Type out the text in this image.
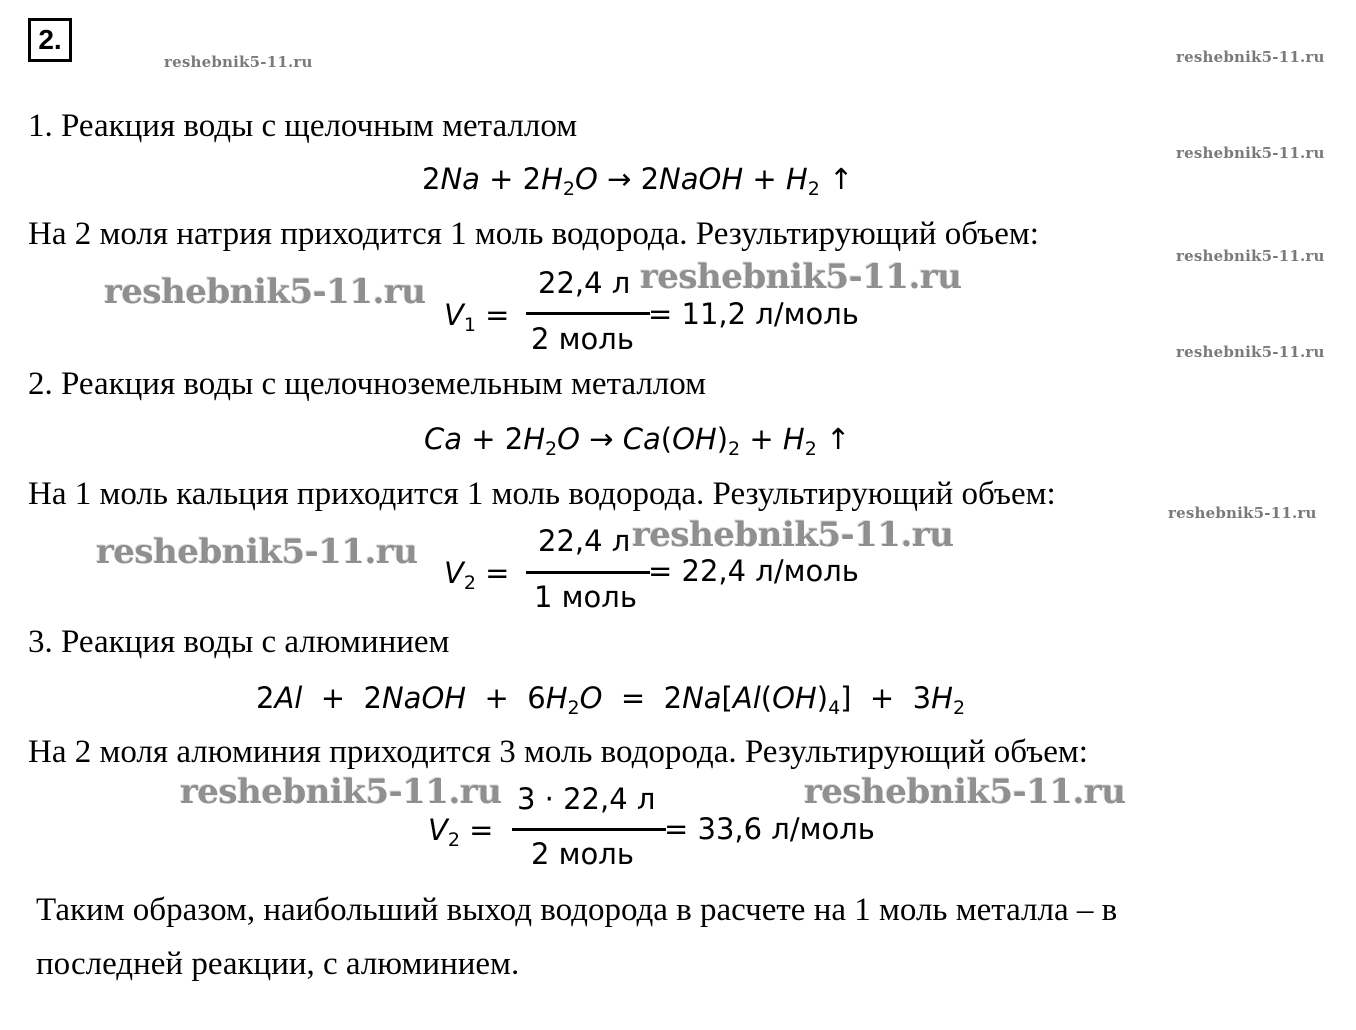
2.
reshebnik5-11.ru	reshebnik5-11.ru
reshebnik5-11.ru
reshebnik5-11.ru
reshebnik5-11.ru
reshebnik5-11.ru
1. Реакция воды с щелочным металлом
$2Na + 2H_2O$ → 2NaOH + $H_2$ ↑
На 2 моля натрия приходится 1 моль водорода. Результирующий объем:
reshebnik5-11.ru
$V_1$ =
22,4 л
2 моль
= 11,2 л/моль
reshebnik5-11.ru
2. Реакция воды с щелочноземельным металлом
$Ca + 2H_2O \to Ca(OH)_2 + H_2$ ↑
На 1 моль кальция приходится 1 моль водорода. Результирующий объем:
reshebnik5-11.ru
$V_2$ =
22,4 л
1 моль
= 22,4 л/моль
reshebnik5-11.ru
3. Реакция воды с алюминием
2Al  +  2NaOH  +  $6H_2O = 2Na[Al(OH)_4] + 3H_2$
На 2 моля алюминия приходится 3 моль водорода. Результирующий объем:
reshebnik5-11.ru	reshebnik5-11.ru
$V_2$ =
3 · 22,4 л
2 моль
= 33,6 л/моль
Таким образом, наибольший выход водорода в расчете на 1 моль металла – в
последней реакции, с алюминием.
